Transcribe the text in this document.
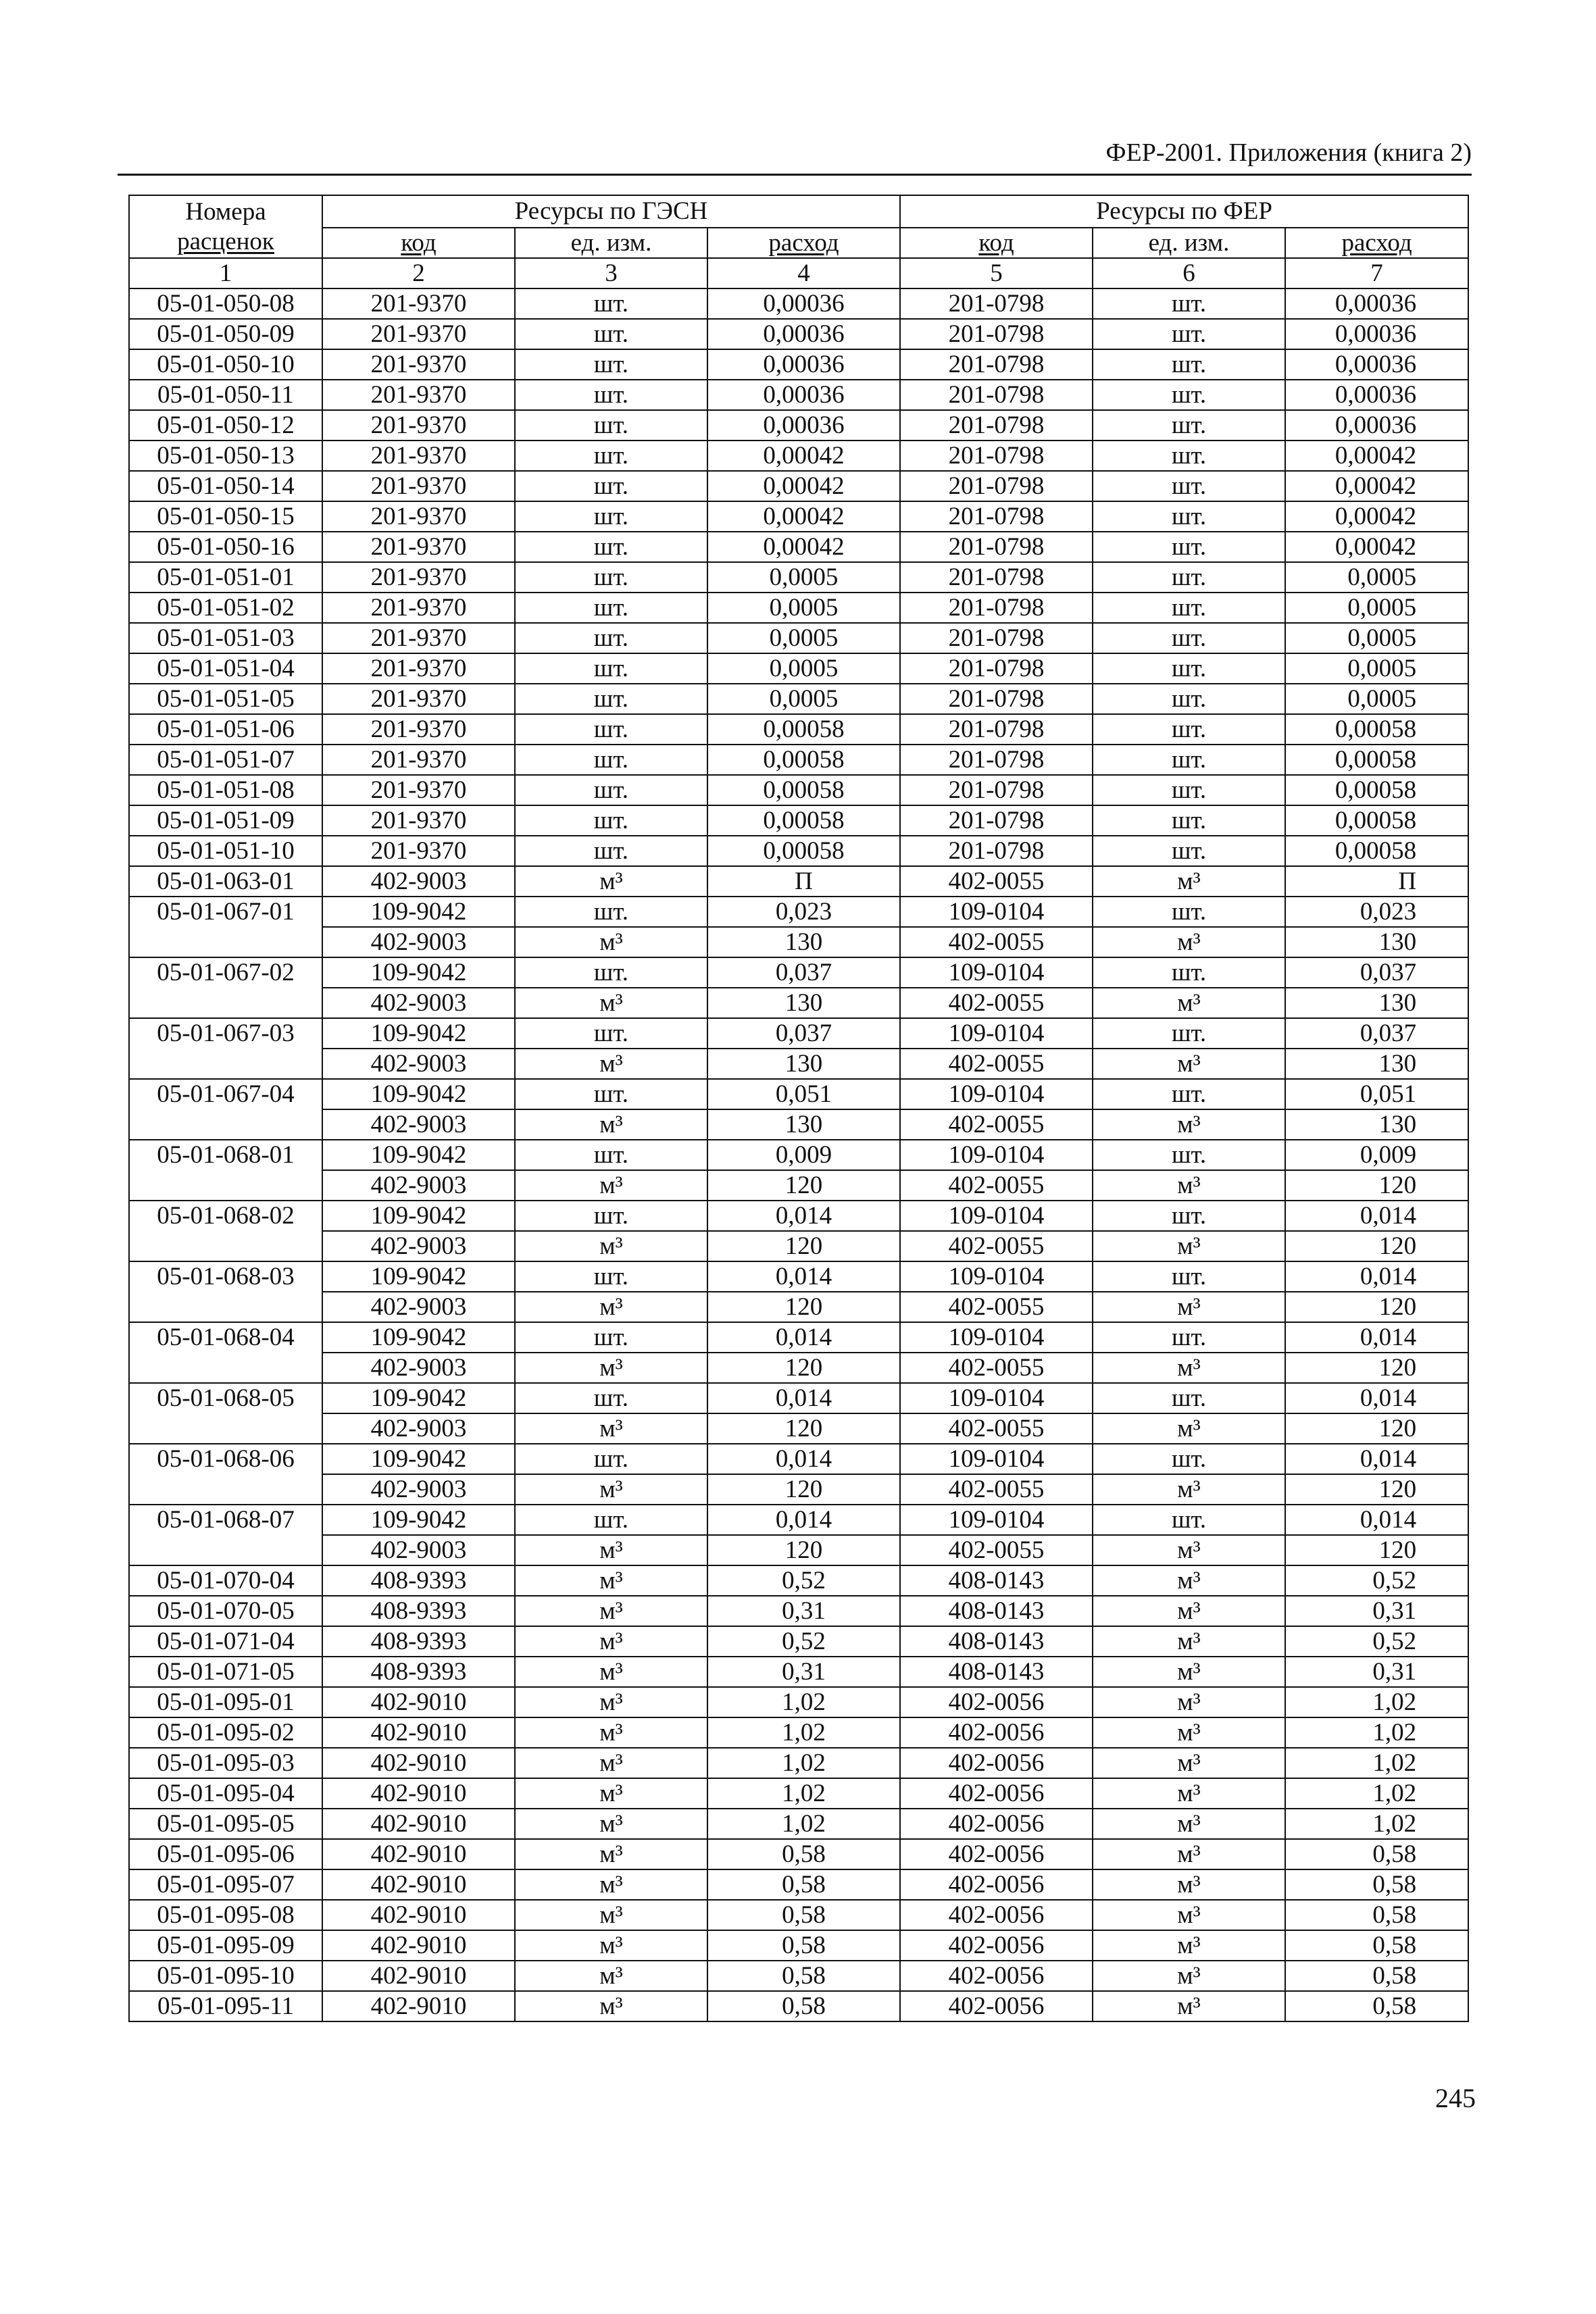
ФЕР-2001. Приложения (книга 2)
Номера
расценок	Ресурсы по ГЭСН			Ресурсы по ФЕР		
	код	ед. изм.	расход	код	ед. изм.	расход
1	2	3	4	5	6	7
05-01-050-08	201-9370	шт.	0,00036	201-0798	шт.	0,00036
05-01-050-09	201-9370	шт.	0,00036	201-0798	шт.	0,00036
05-01-050-10	201-9370	шт.	0,00036	201-0798	шт.	0,00036
05-01-050-11	201-9370	шт.	0,00036	201-0798	шт.	0,00036
05-01-050-12	201-9370	шт.	0,00036	201-0798	шт.	0,00036
05-01-050-13	201-9370	шт.	0,00042	201-0798	шт.	0,00042
05-01-050-14	201-9370	шт.	0,00042	201-0798	шт.	0,00042
05-01-050-15	201-9370	шт.	0,00042	201-0798	шт.	0,00042
05-01-050-16	201-9370	шт.	0,00042	201-0798	шт.	0,00042
05-01-051-01	201-9370	шт.	0,0005	201-0798	шт.	0,0005
05-01-051-02	201-9370	шт.	0,0005	201-0798	шт.	0,0005
05-01-051-03	201-9370	шт.	0,0005	201-0798	шт.	0,0005
05-01-051-04	201-9370	шт.	0,0005	201-0798	шт.	0,0005
05-01-051-05	201-9370	шт.	0,0005	201-0798	шт.	0,0005
05-01-051-06	201-9370	шт.	0,00058	201-0798	шт.	0,00058
05-01-051-07	201-9370	шт.	0,00058	201-0798	шт.	0,00058
05-01-051-08	201-9370	шт.	0,00058	201-0798	шт.	0,00058
05-01-051-09	201-9370	шт.	0,00058	201-0798	шт.	0,00058
05-01-051-10	201-9370	шт.	0,00058	201-0798	шт.	0,00058
05-01-063-01	402-9003	м³	П	402-0055	м³	П
05-01-067-01	109-9042	шт.	0,023	109-0104	шт.	0,023
	402-9003	м³	130	402-0055	м³	130
05-01-067-02	109-9042	шт.	0,037	109-0104	шт.	0,037
	402-9003	м³	130	402-0055	м³	130
05-01-067-03	109-9042	шт.	0,037	109-0104	шт.	0,037
	402-9003	м³	130	402-0055	м³	130
05-01-067-04	109-9042	шт.	0,051	109-0104	шт.	0,051
	402-9003	м³	130	402-0055	м³	130
05-01-068-01	109-9042	шт.	0,009	109-0104	шт.	0,009
	402-9003	м³	120	402-0055	м³	120
05-01-068-02	109-9042	шт.	0,014	109-0104	шт.	0,014
	402-9003	м³	120	402-0055	м³	120
05-01-068-03	109-9042	шт.	0,014	109-0104	шт.	0,014
	402-9003	м³	120	402-0055	м³	120
05-01-068-04	109-9042	шт.	0,014	109-0104	шт.	0,014
	402-9003	м³	120	402-0055	м³	120
05-01-068-05	109-9042	шт.	0,014	109-0104	шт.	0,014
	402-9003	м³	120	402-0055	м³	120
05-01-068-06	109-9042	шт.	0,014	109-0104	шт.	0,014
	402-9003	м³	120	402-0055	м³	120
05-01-068-07	109-9042	шт.	0,014	109-0104	шт.	0,014
	402-9003	м³	120	402-0055	м³	120
05-01-070-04	408-9393	м³	0,52	408-0143	м³	0,52
05-01-070-05	408-9393	м³	0,31	408-0143	м³	0,31
05-01-071-04	408-9393	м³	0,52	408-0143	м³	0,52
05-01-071-05	408-9393	м³	0,31	408-0143	м³	0,31
05-01-095-01	402-9010	м³	1,02	402-0056	м³	1,02
05-01-095-02	402-9010	м³	1,02	402-0056	м³	1,02
05-01-095-03	402-9010	м³	1,02	402-0056	м³	1,02
05-01-095-04	402-9010	м³	1,02	402-0056	м³	1,02
05-01-095-05	402-9010	м³	1,02	402-0056	м³	1,02
05-01-095-06	402-9010	м³	0,58	402-0056	м³	0,58
05-01-095-07	402-9010	м³	0,58	402-0056	м³	0,58
05-01-095-08	402-9010	м³	0,58	402-0056	м³	0,58
05-01-095-09	402-9010	м³	0,58	402-0056	м³	0,58
05-01-095-10	402-9010	м³	0,58	402-0056	м³	0,58
05-01-095-11	402-9010	м³	0,58	402-0056	м³	0,58
245
